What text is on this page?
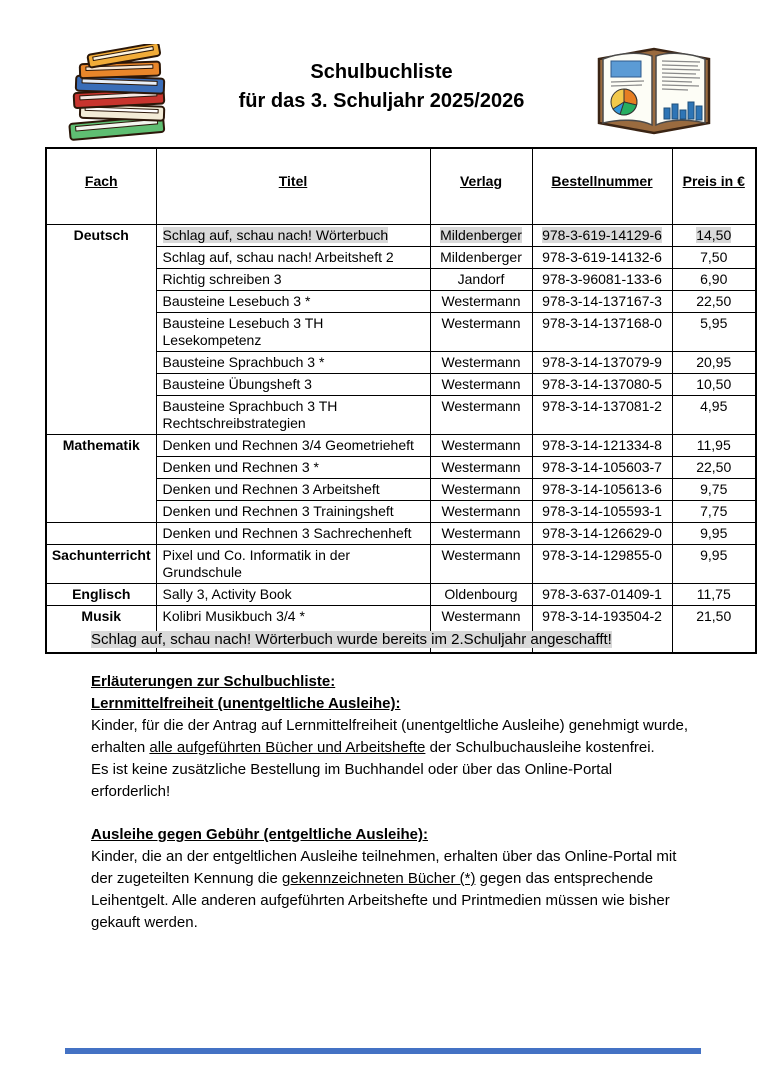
Schulbuchliste
für das 3. Schuljahr 2025/2026
Fach	Titel	Verlag	Bestellnummer	Preis in €
Deutsch	Schlag auf, schau nach! Wörterbuch	Mildenberger	978-3-619-14129-6	14,50
	Schlag auf, schau nach! Arbeitsheft 2	Mildenberger	978-3-619-14132-6	7,50
	Richtig schreiben 3	Jandorf	978-3-96081-133-6	6,90
	Bausteine Lesebuch 3 *	Westermann	978-3-14-137167-3	22,50
	Bausteine Lesebuch 3 TH Lesekompetenz	Westermann	978-3-14-137168-0	5,95
	Bausteine Sprachbuch 3 *	Westermann	978-3-14-137079-9	20,95
	Bausteine Übungsheft 3	Westermann	978-3-14-137080-5	10,50
	Bausteine Sprachbuch 3 TH Rechtschreibstrategien	Westermann	978-3-14-137081-2	4,95
Mathematik	Denken und Rechnen 3/4 Geometrieheft	Westermann	978-3-14-121334-8	11,95
	Denken und Rechnen 3 *	Westermann	978-3-14-105603-7	22,50
	Denken und Rechnen 3 Arbeitsheft	Westermann	978-3-14-105613-6	9,75
	Denken und Rechnen 3 Trainingsheft	Westermann	978-3-14-105593-1	7,75
	Denken und Rechnen 3 Sachrechenheft	Westermann	978-3-14-126629-0	9,95
Sachunterricht	Pixel und Co. Informatik in der Grundschule	Westermann	978-3-14-129855-0	9,95
Englisch	Sally 3, Activity Book	Oldenbourg	978-3-637-01409-1	11,75
Musik	Kolibri Musikbuch 3/4 *	Westermann	978-3-14-193504-2	21,50
Schlag auf, schau nach! Wörterbuch wurde bereits im 2.Schuljahr angeschafft!
Erläuterungen zur Schulbuchliste:
Lernmittelfreiheit (unentgeltliche Ausleihe):

Kinder, für die der Antrag auf Lernmittelfreiheit (unentgeltliche Ausleihe) genehmigt wurde, erhalten alle aufgeführten Bücher und Arbeitshefte der Schulbuchausleihe kostenfrei.

Es ist keine zusätzliche Bestellung im Buchhandel oder über das Online-Portal erforderlich!

Ausleihe gegen Gebühr (entgeltliche Ausleihe):

Kinder, die an der entgeltlichen Ausleihe teilnehmen, erhalten über das Online-Portal mit der zugeteilten Kennung die gekennzeichneten Bücher (*) gegen das entsprechende Leihentgelt. Alle anderen aufgeführten Arbeitshefte und Printmedien müssen wie bisher gekauft werden.
